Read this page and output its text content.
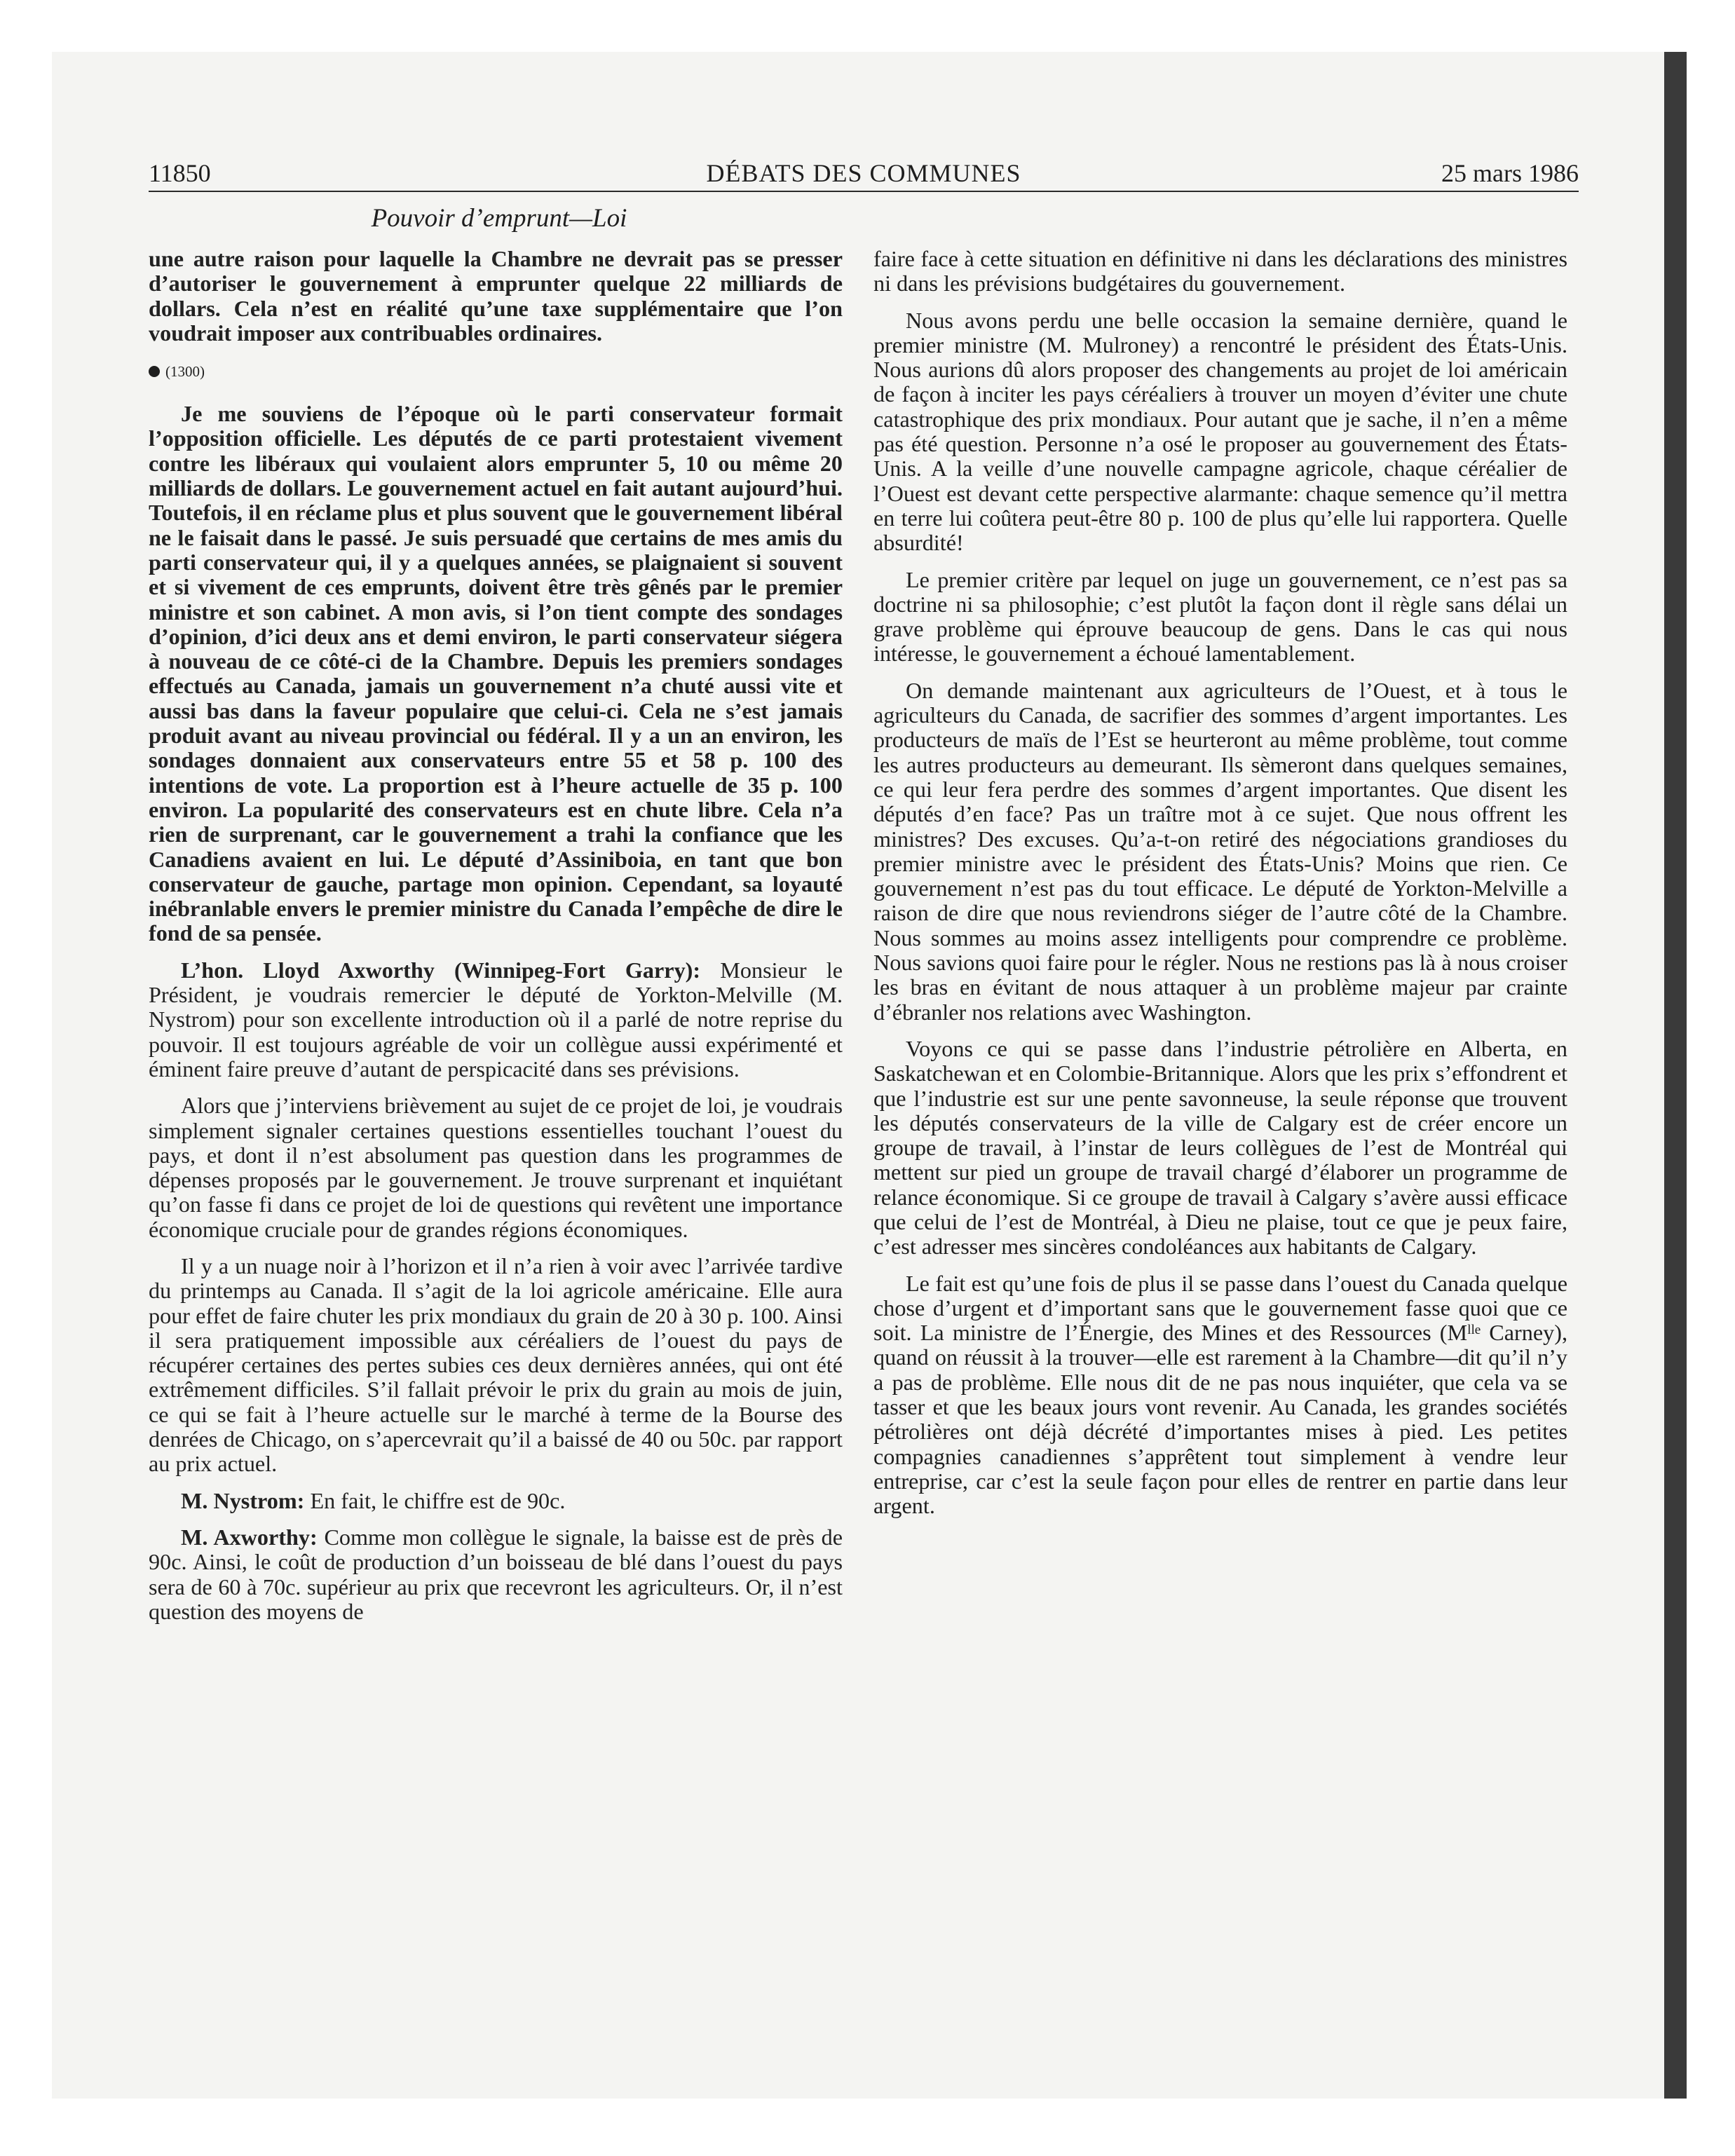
11850	DÉBATS DES COMMUNES	25 mars 1986
Pouvoir d’emprunt—Loi

une autre raison pour laquelle la Chambre ne devrait pas se presser d’autoriser le gouvernement à emprunter quelque 22 milliards de dollars. Cela n’est en réalité qu’une taxe supplémentaire que l’on voudrait imposer aux contribuables ordinaires.

(1300)

Je me souviens de l’époque où le parti conservateur formait l’opposition officielle. Les députés de ce parti protestaient vivement contre les libéraux qui voulaient alors emprunter 5, 10 ou même 20 milliards de dollars. Le gouvernement actuel en fait autant aujourd’hui. Toutefois, il en réclame plus et plus souvent que le gouvernement libéral ne le faisait dans le passé. Je suis persuadé que certains de mes amis du parti conservateur qui, il y a quelques années, se plaignaient si souvent et si vivement de ces emprunts, doivent être très gênés par le premier ministre et son cabinet. A mon avis, si l’on tient compte des sondages d’opinion, d’ici deux ans et demi environ, le parti conservateur siégera à nouveau de ce côté-ci de la Chambre. Depuis les premiers sondages effectués au Canada, jamais un gouvernement n’a chuté aussi vite et aussi bas dans la faveur populaire que celui-ci. Cela ne s’est jamais produit avant au niveau provincial ou fédéral. Il y a un an environ, les sondages donnaient aux conservateurs entre 55 et 58 p. 100 des intentions de vote. La proportion est à l’heure actuelle de 35 p. 100 environ. La popularité des conservateurs est en chute libre. Cela n’a rien de surprenant, car le gouvernement a trahi la confiance que les Canadiens avaient en lui. Le député d’Assiniboia, en tant que bon conservateur de gauche, partage mon opinion. Cependant, sa loyauté inébranlable envers le premier ministre du Canada l’empêche de dire le fond de sa pensée.

L’hon. Lloyd Axworthy (Winnipeg-Fort Garry): Monsieur le Président, je voudrais remercier le député de Yorkton-Melville (M. Nystrom) pour son excellente introduction où il a parlé de notre reprise du pouvoir. Il est toujours agréable de voir un collègue aussi expérimenté et éminent faire preuve d’autant de perspicacité dans ses prévisions.

Alors que j’interviens brièvement au sujet de ce projet de loi, je voudrais simplement signaler certaines questions essentielles touchant l’ouest du pays, et dont il n’est absolument pas question dans les programmes de dépenses proposés par le gouvernement. Je trouve surprenant et inquiétant qu’on fasse fi dans ce projet de loi de questions qui revêtent une importance économique cruciale pour de grandes régions économiques.

Il y a un nuage noir à l’horizon et il n’a rien à voir avec l’arrivée tardive du printemps au Canada. Il s’agit de la loi agricole américaine. Elle aura pour effet de faire chuter les prix mondiaux du grain de 20 à 30 p. 100. Ainsi il sera pratiquement impossible aux céréaliers de l’ouest du pays de récupérer certaines des pertes subies ces deux dernières années, qui ont été extrêmement difficiles. S’il fallait prévoir le prix du grain au mois de juin, ce qui se fait à l’heure actuelle sur le marché à terme de la Bourse des denrées de Chicago, on s’apercevrait qu’il a baissé de 40 ou 50c. par rapport au prix actuel.

M. Nystrom: En fait, le chiffre est de 90c.

M. Axworthy: Comme mon collègue le signale, la baisse est de près de 90c. Ainsi, le coût de production d’un boisseau de blé dans l’ouest du pays sera de 60 à 70c. supérieur au prix que recevront les agriculteurs. Or, il n’est question des moyens de

faire face à cette situation en définitive ni dans les déclarations des ministres ni dans les prévisions budgétaires du gouvernement.

Nous avons perdu une belle occasion la semaine dernière, quand le premier ministre (M. Mulroney) a rencontré le président des États-Unis. Nous aurions dû alors proposer des changements au projet de loi américain de façon à inciter les pays céréaliers à trouver un moyen d’éviter une chute catastrophique des prix mondiaux. Pour autant que je sache, il n’en a même pas été question. Personne n’a osé le proposer au gouvernement des États-Unis. A la veille d’une nouvelle campagne agricole, chaque céréalier de l’Ouest est devant cette perspective alarmante: chaque semence qu’il mettra en terre lui coûtera peut-être 80 p. 100 de plus qu’elle lui rapportera. Quelle absurdité!

Le premier critère par lequel on juge un gouvernement, ce n’est pas sa doctrine ni sa philosophie; c’est plutôt la façon dont il règle sans délai un grave problème qui éprouve beaucoup de gens. Dans le cas qui nous intéresse, le gouvernement a échoué lamentablement.

On demande maintenant aux agriculteurs de l’Ouest, et à tous le agriculteurs du Canada, de sacrifier des sommes d’argent importantes. Les producteurs de maïs de l’Est se heurteront au même problème, tout comme les autres producteurs au demeurant. Ils sèmeront dans quelques semaines, ce qui leur fera perdre des sommes d’argent importantes. Que disent les députés d’en face? Pas un traître mot à ce sujet. Que nous offrent les ministres? Des excuses. Qu’a-t-on retiré des négociations grandioses du premier ministre avec le président des États-Unis? Moins que rien. Ce gouvernement n’est pas du tout efficace. Le député de Yorkton-Melville a raison de dire que nous reviendrons siéger de l’autre côté de la Chambre. Nous sommes au moins assez intelligents pour comprendre ce problème. Nous savions quoi faire pour le régler. Nous ne restions pas là à nous croiser les bras en évitant de nous attaquer à un problème majeur par crainte d’ébranler nos relations avec Washington.

Voyons ce qui se passe dans l’industrie pétrolière en Alberta, en Saskatchewan et en Colombie-Britannique. Alors que les prix s’effondrent et que l’industrie est sur une pente savonneuse, la seule réponse que trouvent les députés conservateurs de la ville de Calgary est de créer encore un groupe de travail, à l’instar de leurs collègues de l’est de Montréal qui mettent sur pied un groupe de travail chargé d’élaborer un programme de relance économique. Si ce groupe de travail à Calgary s’avère aussi efficace que celui de l’est de Montréal, à Dieu ne plaise, tout ce que je peux faire, c’est adresser mes sincères condoléances aux habitants de Calgary.

Le fait est qu’une fois de plus il se passe dans l’ouest du Canada quelque chose d’urgent et d’important sans que le gouvernement fasse quoi que ce soit. La ministre de l’Énergie, des Mines et des Ressources (Mˡˡᵉ Carney), quand on réussit à la trouver—elle est rarement à la Chambre—dit qu’il n’y a pas de problème. Elle nous dit de ne pas nous inquiéter, que cela va se tasser et que les beaux jours vont revenir. Au Canada, les grandes sociétés pétrolières ont déjà décrété d’importantes mises à pied. Les petites compagnies canadiennes s’apprêtent tout simplement à vendre leur entreprise, car c’est la seule façon pour elles de rentrer en partie dans leur argent.
